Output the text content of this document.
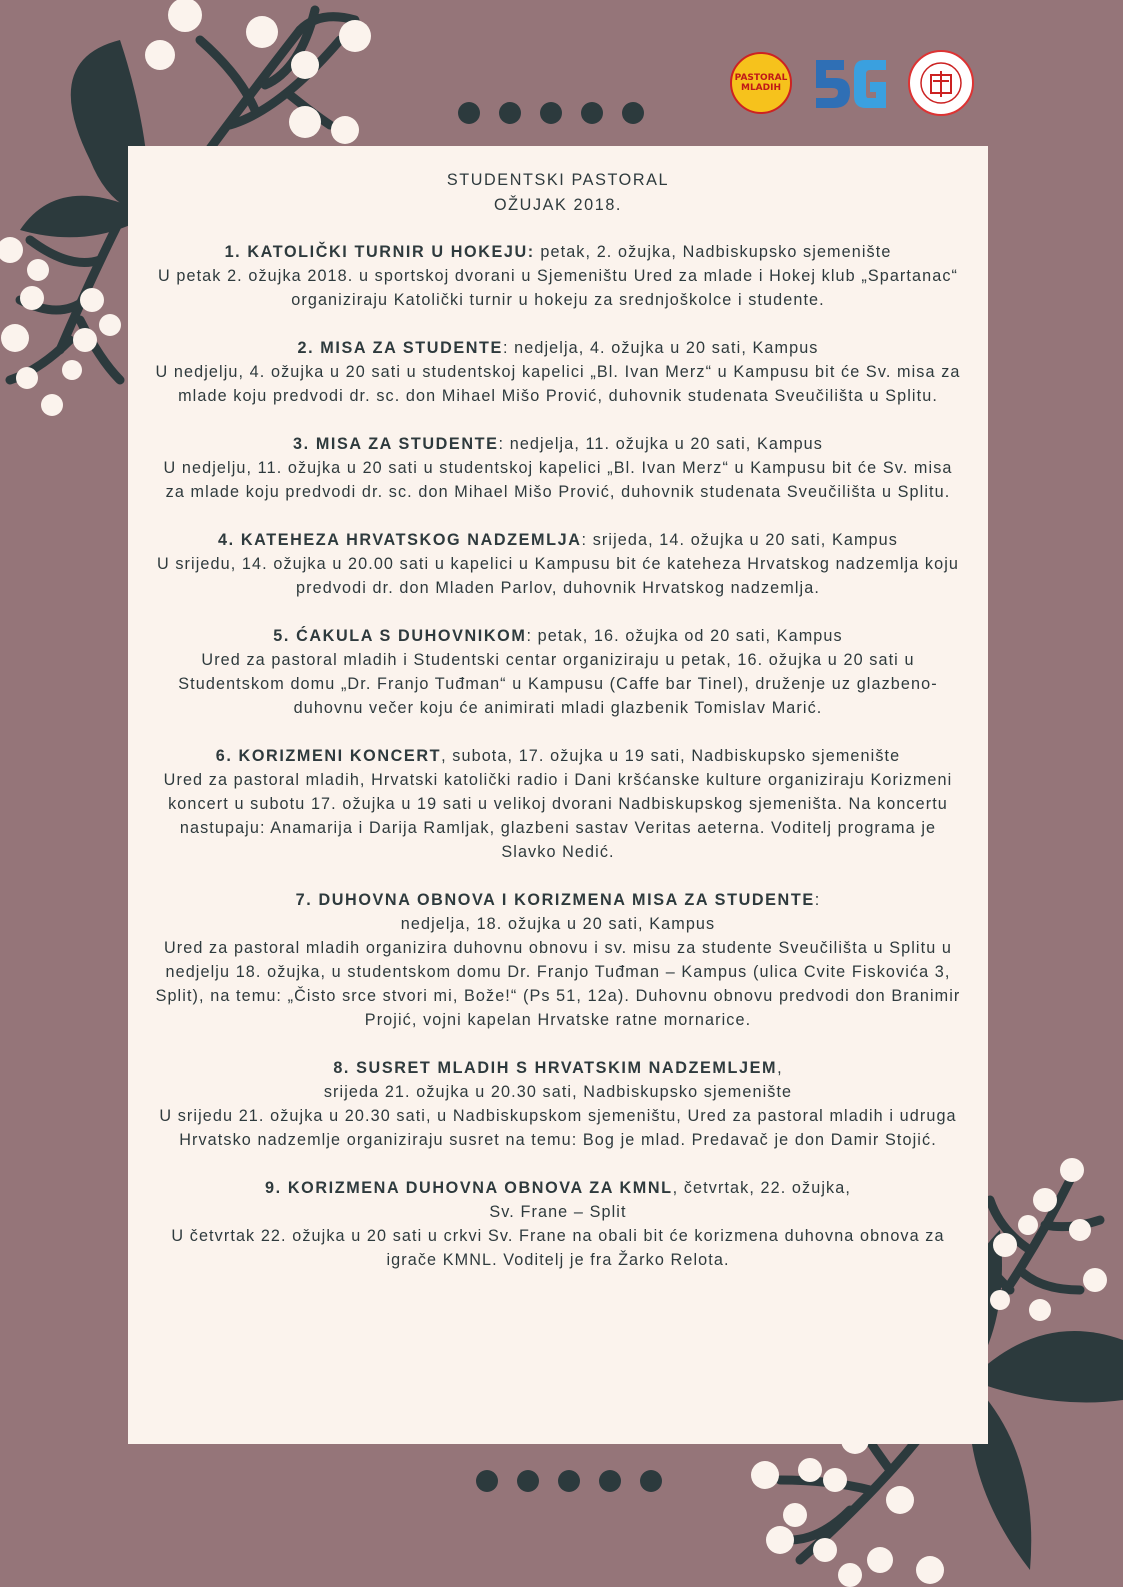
PASTORAL MLADIH
STUDENTSKI PASTORAL
OŽUJAK 2018.

1. KATOLIČKI TURNIR U HOKEJU: petak, 2. ožujka, Nadbiskupsko sjemenište

U petak 2. ožujka 2018. u sportskoj dvorani u Sjemeništu Ured za mlade i Hokej klub „Spartanac“ organiziraju Katolički turnir u hokeju za srednjoškolce i studente.

2. MISA ZA STUDENTE: nedjelja, 4. ožujka u 20 sati, Kampus

U nedjelju, 4. ožujka u 20 sati u studentskoj kapelici „Bl. Ivan Merz“ u Kampusu bit će Sv. misa za mlade koju predvodi dr. sc. don Mihael Mišo Prović, duhovnik studenata Sveučilišta u Splitu.

3. MISA ZA STUDENTE: nedjelja, 11. ožujka u 20 sati, Kampus

U nedjelju, 11. ožujka u 20 sati u studentskoj kapelici „Bl. Ivan Merz“ u Kampusu bit će Sv. misa za mlade koju predvodi dr. sc. don Mihael Mišo Prović, duhovnik studenata Sveučilišta u Splitu.

4. KATEHEZA HRVATSKOG NADZEMLJA: srijeda, 14. ožujka u 20 sati, Kampus

U srijedu, 14. ožujka u 20.00 sati u kapelici u Kampusu bit će kateheza Hrvatskog nadzemlja koju predvodi dr. don Mladen Parlov, duhovnik Hrvatskog nadzemlja.

5. ĆAKULA S DUHOVNIKOM: petak, 16. ožujka od 20 sati, Kampus

Ured za pastoral mladih i Studentski centar organiziraju u petak, 16. ožujka u 20 sati u Studentskom domu „Dr. Franjo Tuđman“ u Kampusu (Caffe bar Tinel), druženje uz glazbeno-duhovnu večer koju će animirati mladi glazbenik Tomislav Marić.

6. KORIZMENI KONCERT, subota, 17. ožujka u 19 sati, Nadbiskupsko sjemenište

Ured za pastoral mladih, Hrvatski katolički radio i Dani kršćanske kulture organiziraju Korizmeni koncert u subotu 17. ožujka u 19 sati u velikoj dvorani Nadbiskupskog sjemeništa. Na koncertu nastupaju: Anamarija i Darija Ramljak, glazbeni sastav Veritas aeterna. Voditelj programa je Slavko Nedić.

7. DUHOVNA OBNOVA I KORIZMENA MISA ZA STUDENTE:

nedjelja, 18. ožujka u 20 sati, Kampus

Ured za pastoral mladih organizira duhovnu obnovu i sv. misu za studente Sveučilišta u Splitu u nedjelju 18. ožujka, u studentskom domu Dr. Franjo Tuđman – Kampus (ulica Cvite Fiskovića 3, Split), na temu: „Čisto srce stvori mi, Bože!“ (Ps 51, 12a). Duhovnu obnovu predvodi don Branimir Projić, vojni kapelan Hrvatske ratne mornarice.

8. SUSRET MLADIH S HRVATSKIM NADZEMLJEM,

srijeda 21. ožujka u 20.30 sati, Nadbiskupsko sjemenište

U srijedu 21. ožujka u 20.30 sati, u Nadbiskupskom sjemeništu, Ured za pastoral mladih i udruga Hrvatsko nadzemlje organiziraju susret na temu: Bog je mlad. Predavač je don Damir Stojić.

9. KORIZMENA DUHOVNA OBNOVA ZA KMNL, četvrtak, 22. ožujka,

Sv. Frane – Split

U četvrtak 22. ožujka u 20 sati u crkvi Sv. Frane na obali bit će korizmena duhovna obnova za igrače KMNL. Voditelj je fra Žarko Relota.
